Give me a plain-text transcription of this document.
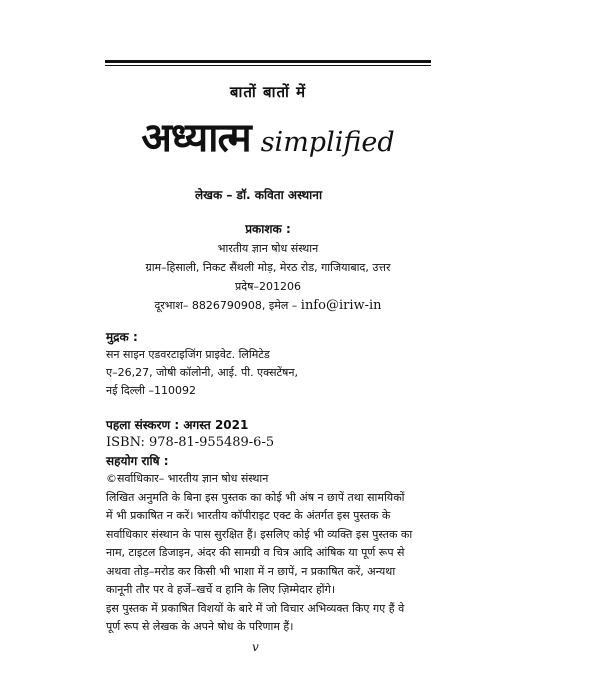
बातों बातों में
अध्यात्म simplified
लेखक – डॉ. कविता अस्थाना
प्रकाशक :
भारतीय ज्ञान षोध संस्थान
ग्राम–हिसाली, निकट सैंथली मोड़, मेरठ रोड, गाजियाबाद, उत्तर
प्रदेष–201206
दूरभाश– 8826790908, इमेल – info@iriw-in
मुद्रक :
सन साइन एडवरटाइजिंग प्राइवेट. लिमिटेड
ए–26,27, जोषी कॉलोनी, आई. पी. एक्सटेंषन,
नई दिल्ली –110092
पहला संस्करण : अगस्त 2021
ISBN: 978-81-955489-6-5
सहयोग राषि :
©सर्वाधिकार– भारतीय ज्ञान षोध संस्थान
लिखित अनुमति के बिना इस पुस्तक का कोई भी अंष न छापें तथा सामयिकों
में भी प्रकाषित न करें। भारतीय कॉपीराइट एक्ट के अंतर्गत इस पुस्तक के
सर्वाधिकार संस्थान के पास सुरक्षित हैं। इसलिए कोई भी व्यक्ति इस पुस्तक का
नाम, टाइटल डिजाइन, अंदर की सामग्री व चित्र आदि आंषिक या पूर्ण रूप से
अथवा तोड़–मरोड कर किसी भी भाशा में न छापें, न प्रकाषित करें, अन्यथा
कानूनी तौर पर वे हर्जे–खर्चे व हानि के लिए ज़िम्मेदार होंगे।
इस पुस्तक में प्रकाषित विशयों के बारे में जो विचार अभिव्यक्त किए गए हैं वे
पूर्ण रूप से लेखक के अपने षोध के परिणाम हैं।
v
